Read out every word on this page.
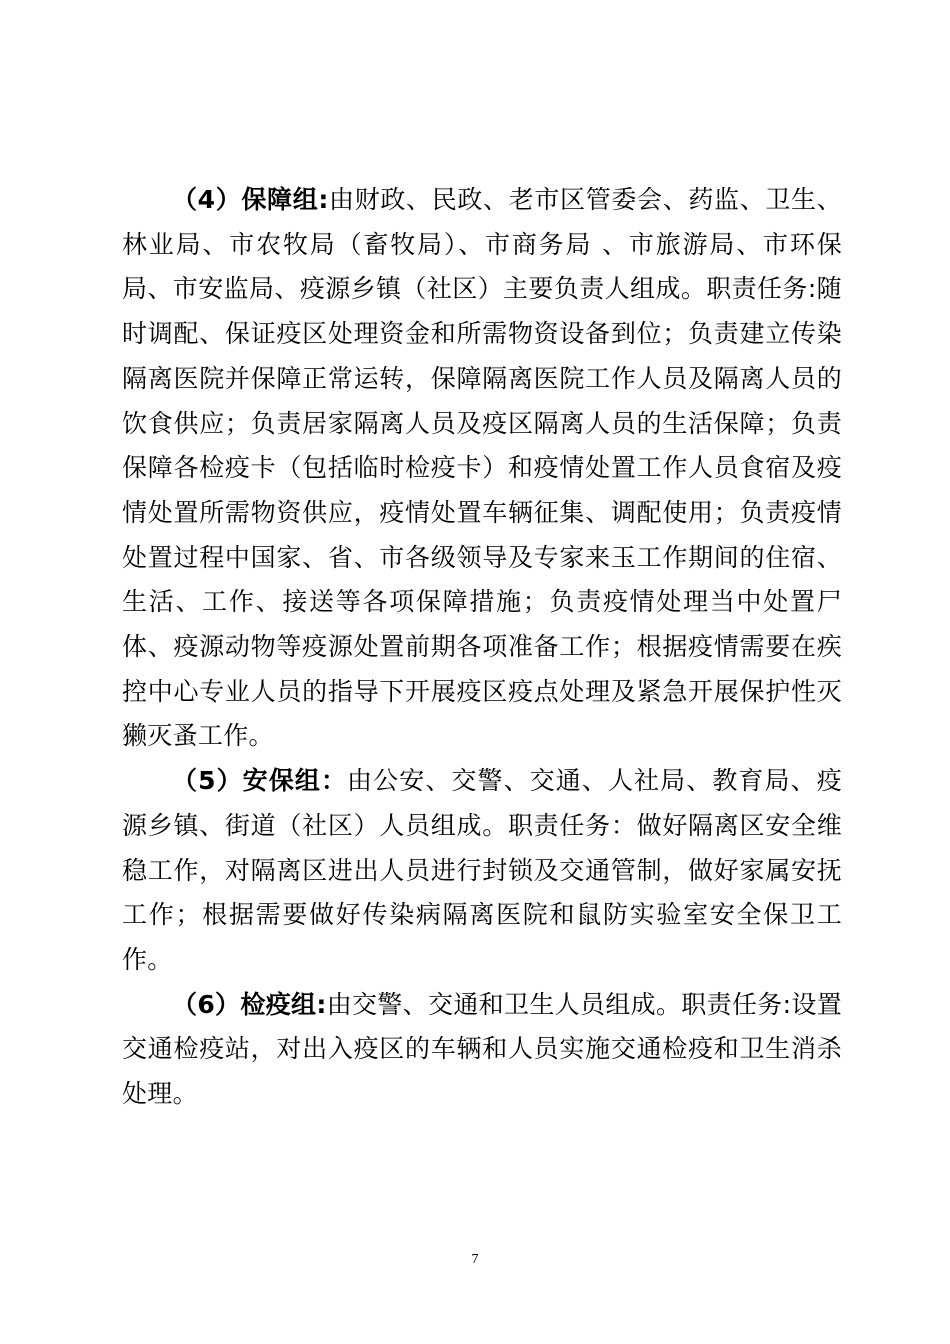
（4）保障组:由财政、民政、老市区管委会、药监、卫生、林业局、市农牧局（畜牧局）、市商务局 、市旅游局、市环保局、市安监局、疫源乡镇（社区）主要负责人组成。职责任务:随时调配、保证疫区处理资金和所需物资设备到位；负责建立传染隔离医院并保障正常运转，保障隔离医院工作人员及隔离人员的饮食供应；负责居家隔离人员及疫区隔离人员的生活保障；负责保障各检疫卡（包括临时检疫卡）和疫情处置工作人员食宿及疫情处置所需物资供应，疫情处置车辆征集、调配使用；负责疫情处置过程中国家、省、市各级领导及专家来玉工作期间的住宿、生活、工作、接送等各项保障措施；负责疫情处理当中处置尸体、疫源动物等疫源处置前期各项准备工作；根据疫情需要在疾控中心专业人员的指导下开展疫区疫点处理及紧急开展保护性灭獭灭蚤工作。

（5）安保组：由公安、交警、交通、人社局、教育局、疫源乡镇、街道（社区）人员组成。职责任务：做好隔离区安全维稳工作，对隔离区进出人员进行封锁及交通管制，做好家属安抚工作；根据需要做好传染病隔离医院和鼠防实验室安全保卫工作。

（6）检疫组:由交警、交通和卫生人员组成。职责任务:设置交通检疫站，对出入疫区的车辆和人员实施交通检疫和卫生消杀处理。

7
